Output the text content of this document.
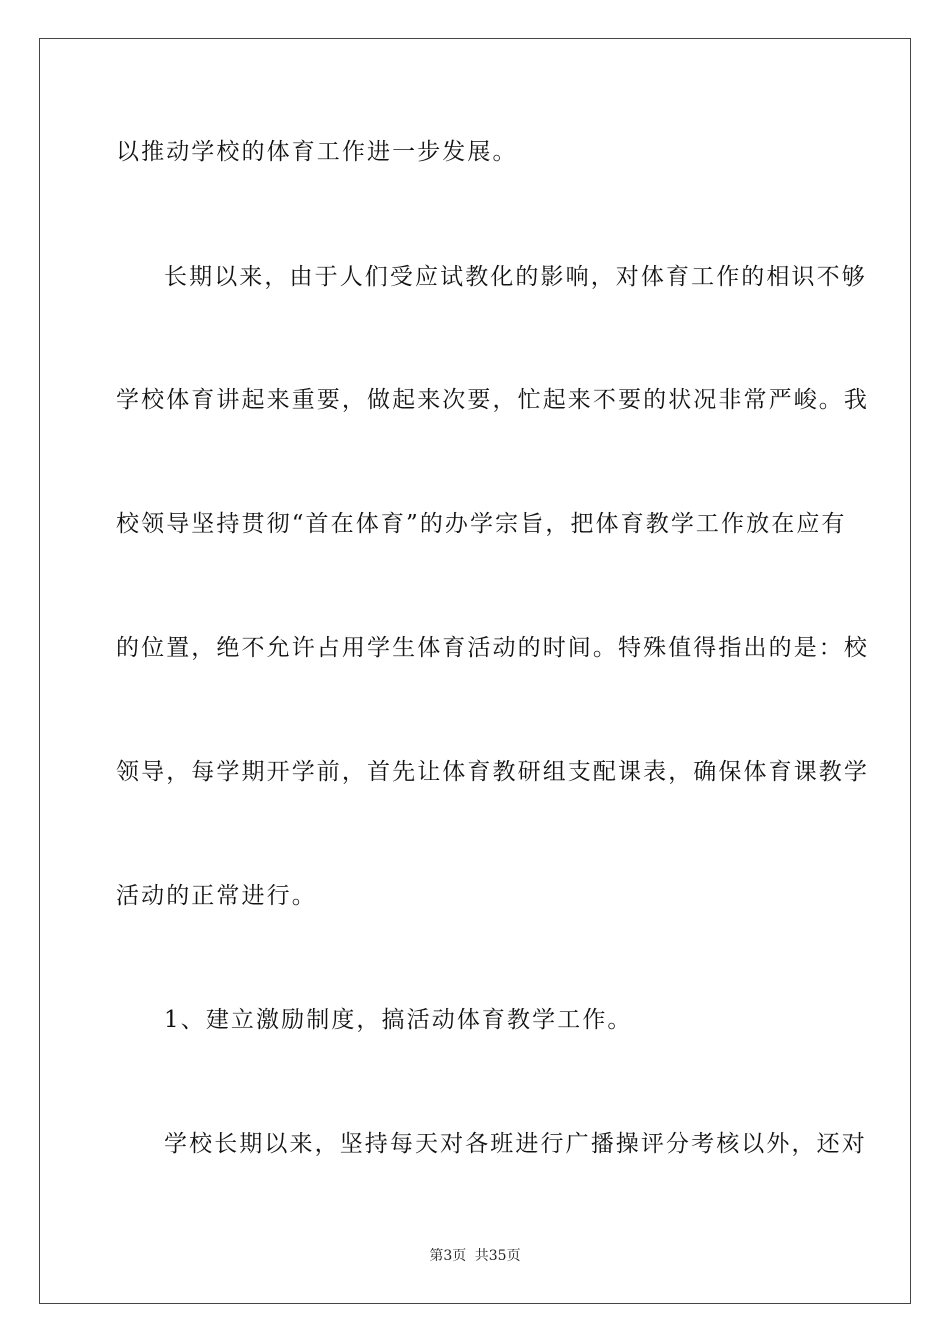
以推动学校的体育工作进一步发展。
长期以来，由于人们受应试教化的影响，对体育工作的相识不够
学校体育讲起来重要，做起来次要，忙起来不要的状况非常严峻。我
校领导坚持贯彻“首在体育”的办学宗旨，把体育教学工作放在应有
的位置，绝不允许占用学生体育活动的时间。特殊值得指出的是：校
领导，每学期开学前，首先让体育教研组支配课表，确保体育课教学
活动的正常进行。
1、建立激励制度，搞活动体育教学工作。
学校长期以来，坚持每天对各班进行广播操评分考核以外，还对
第3页 共35页
